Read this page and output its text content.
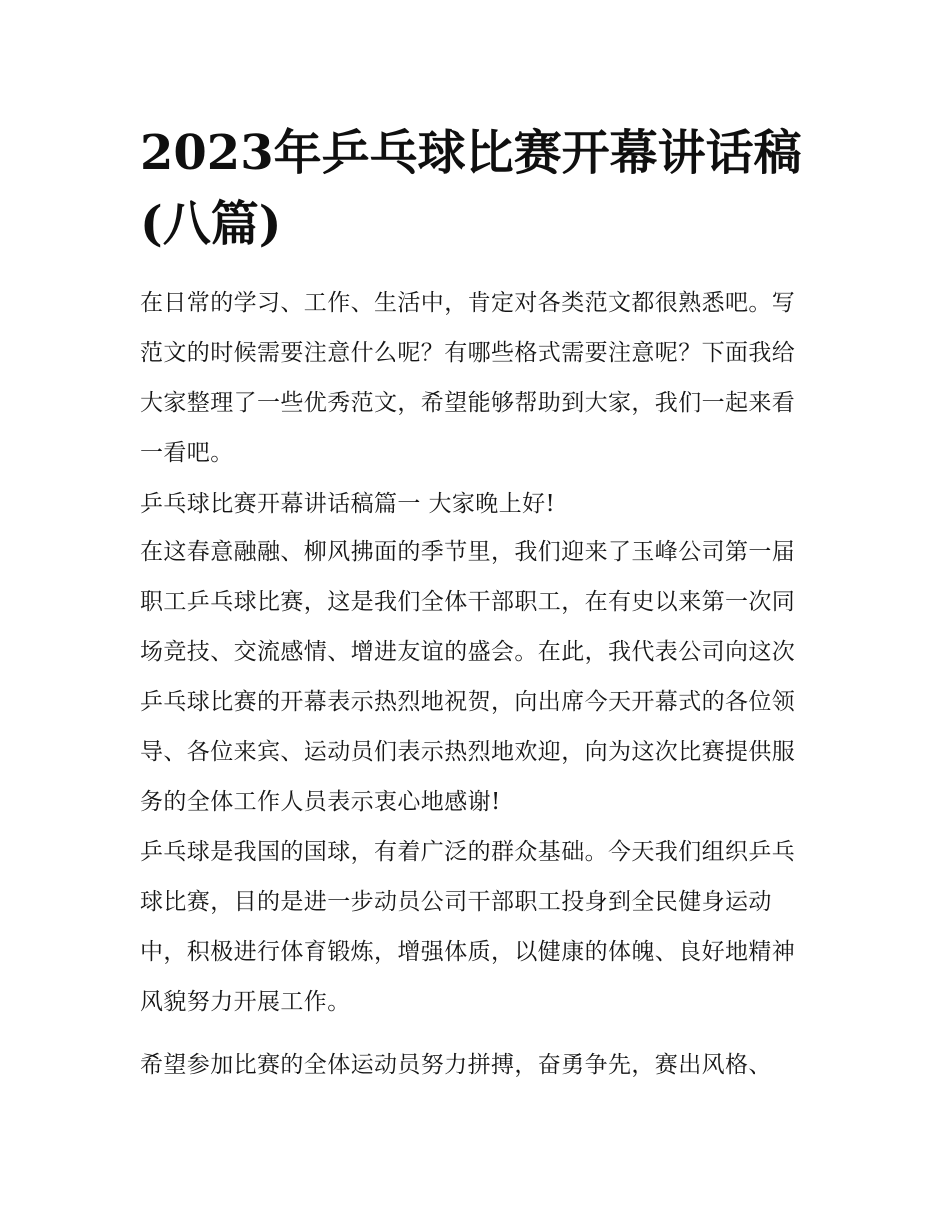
2023年乒乓球比赛开幕讲话稿(八篇)

在日常的学习、工作、生活中，肯定对各类范文都很熟悉吧。写范文的时候需要注意什么呢？有哪些格式需要注意呢？下面我给大家整理了一些优秀范文，希望能够帮助到大家，我们一起来看一看吧。

乒乓球比赛开幕讲话稿篇一 大家晚上好!

在这春意融融、柳风拂面的季节里，我们迎来了玉峰公司第一届职工乒乓球比赛，这是我们全体干部职工，在有史以来第一次同场竞技、交流感情、增进友谊的盛会。在此，我代表公司向这次乒乓球比赛的开幕表示热烈地祝贺，向出席今天开幕式的各位领导、各位来宾、运动员们表示热烈地欢迎，向为这次比赛提供服务的全体工作人员表示衷心地感谢!

乒乓球是我国的国球，有着广泛的群众基础。今天我们组织乒乓球比赛，目的是进一步动员公司干部职工投身到全民健身运动中，积极进行体育锻炼，增强体质，以健康的体魄、良好地精神风貌努力开展工作。

希望参加比赛的全体运动员努力拼搏，奋勇争先，赛出风格、
